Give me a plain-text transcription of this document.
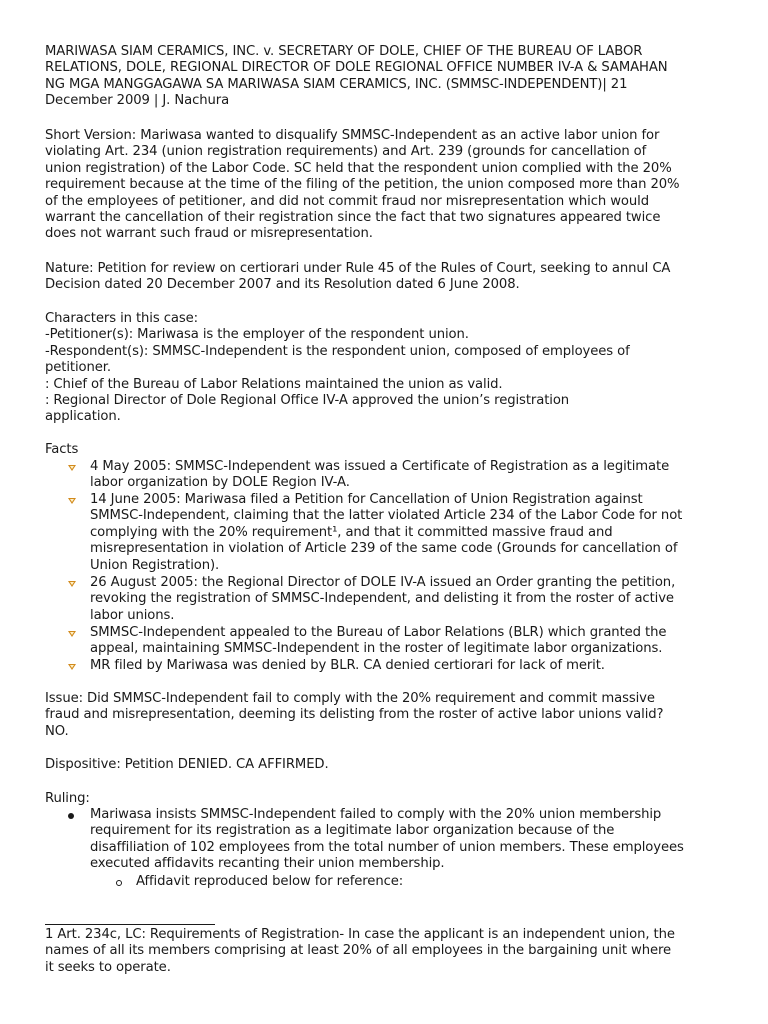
MARIWASA SIAM CERAMICS, INC. v. SECRETARY OF DOLE, CHIEF OF THE BUREAU OF LABOR
RELATIONS, DOLE, REGIONAL DIRECTOR OF DOLE REGIONAL OFFICE NUMBER IV-A & SAMAHAN
NG MGA MANGGAGAWA SA MARIWASA SIAM CERAMICS, INC. (SMMSC-INDEPENDENT)| 21
December 2009 | J. Nachura
Short Version: Mariwasa wanted to disqualify SMMSC-Independent as an active labor union for
violating Art. 234 (union registration requirements) and Art. 239 (grounds for cancellation of
union registration) of the Labor Code. SC held that the respondent union complied with the 20%
requirement because at the time of the filing of the petition, the union composed more than 20%
of the employees of petitioner, and did not commit fraud nor misrepresentation which would
warrant the cancellation of their registration since the fact that two signatures appeared twice
does not warrant such fraud or misrepresentation.
Nature: Petition for review on certiorari under Rule 45 of the Rules of Court, seeking to annul CA
Decision dated 20 December 2007 and its Resolution dated 6 June 2008.
Characters in this case:
-Petitioner(s): Mariwasa is the employer of the respondent union.
-Respondent(s): SMMSC-Independent is the respondent union, composed of employees of
petitioner.
: Chief of the Bureau of Labor Relations maintained the union as valid.
: Regional Director of Dole Regional Office IV-A approved the union’s registration
application.
Facts
4 May 2005: SMMSC-Independent was issued a Certificate of Registration as a legitimate
labor organization by DOLE Region IV-A.
14 June 2005: Mariwasa filed a Petition for Cancellation of Union Registration against
SMMSC-Independent, claiming that the latter violated Article 234 of the Labor Code for not
complying with the 20% requirement¹, and that it committed massive fraud and
misrepresentation in violation of Article 239 of the same code (Grounds for cancellation of
Union Registration).
26 August 2005: the Regional Director of DOLE IV-A issued an Order granting the petition,
revoking the registration of SMMSC-Independent, and delisting it from the roster of active
labor unions.
SMMSC-Independent appealed to the Bureau of Labor Relations (BLR) which granted the
appeal, maintaining SMMSC-Independent in the roster of legitimate labor organizations.
MR filed by Mariwasa was denied by BLR. CA denied certiorari for lack of merit.
Issue: Did SMMSC-Independent fail to comply with the 20% requirement and commit massive
fraud and misrepresentation, deeming its delisting from the roster of active labor unions valid?
NO.
Dispositive: Petition DENIED. CA AFFIRMED.
Ruling:
Mariwasa insists SMMSC-Independent failed to comply with the 20% union membership
requirement for its registration as a legitimate labor organization because of the
disaffiliation of 102 employees from the total number of union members. These employees
executed affidavits recanting their union membership.
Affidavit reproduced below for reference:
1 Art. 234c, LC: Requirements of Registration- In case the applicant is an independent union, the
names of all its members comprising at least 20% of all employees in the bargaining unit where
it seeks to operate.
